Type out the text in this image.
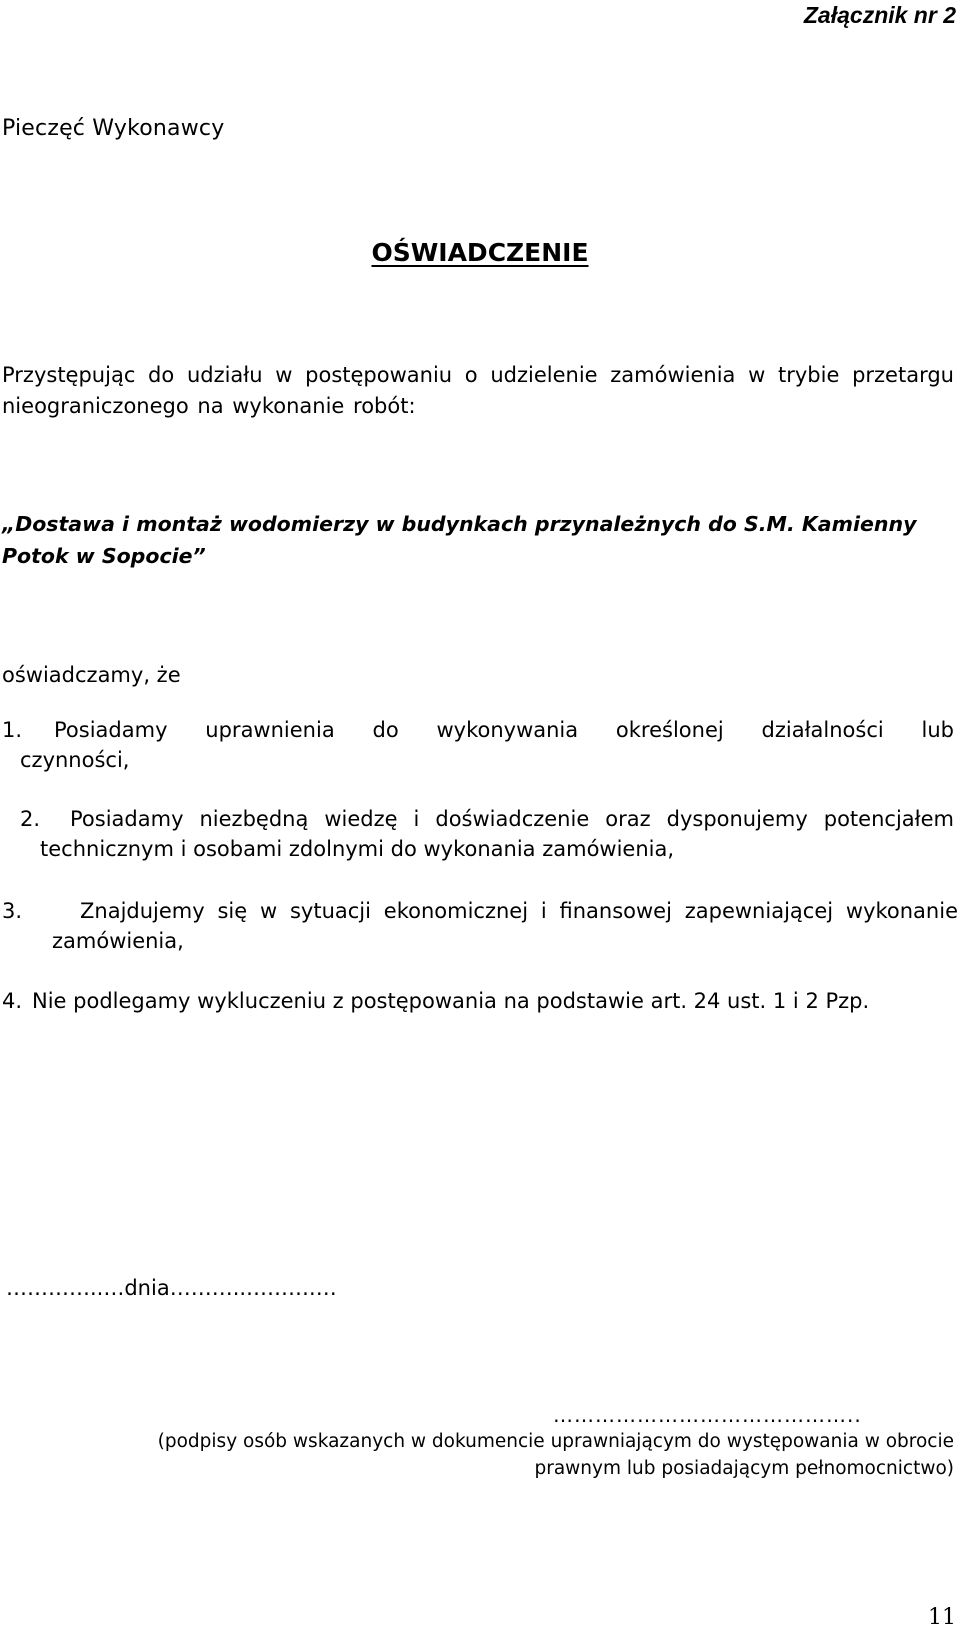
Załącznik nr 2

Pieczęć Wykonawcy

OŚWIADCZENIE

Przystępując do udziału w postępowaniu o udzielenie zamówienia w trybie przetargu nieograniczonego na wykonanie robót:

„Dostawa i montaż wodomierzy w budynkach przynależnych do S.M. Kamienny Potok w Sopocie”

oświadczamy, że

1.	Posiadamy uprawnienia do wykonywania określonej działalności lub czynności,
2.	Posiadamy niezbędną wiedzę i doświadczenie oraz dysponujemy potencjałem technicznym i osobami zdolnymi do wykonania zamówienia,
3.	Znajdujemy się w sytuacji ekonomicznej i finansowej zapewniającej wykonanie zamówienia,
4. Nie podlegamy wykluczeniu z postępowania na podstawie art. 24 ust. 1 i 2 Pzp.

…………..…dnia………..……….…

……………………………………..

(podpisy osób wskazanych w dokumencie uprawniającym do występowania w obrocie prawnym lub posiadającym pełnomocnictwo)

11
